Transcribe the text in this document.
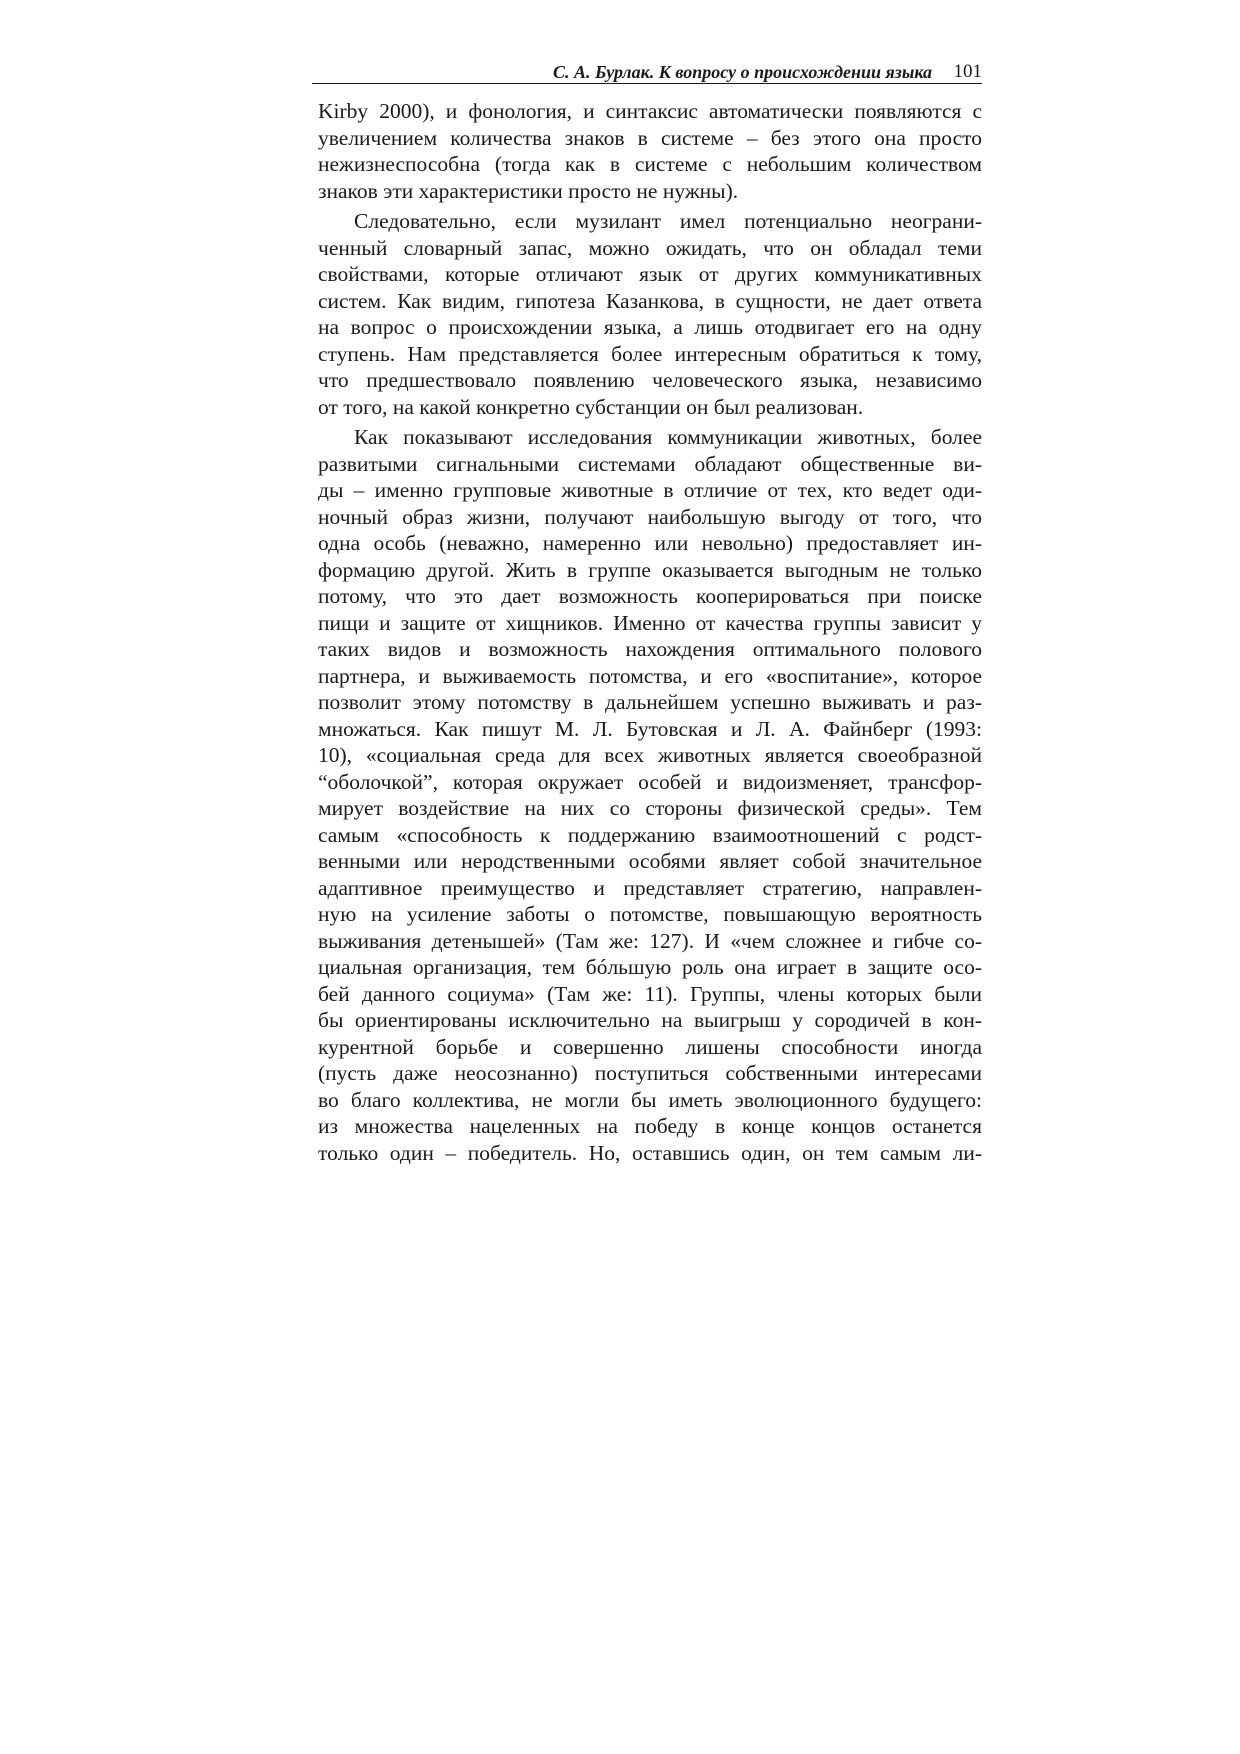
С. А. Бурлак. К вопросу о происхождении языка 101
Kirby 2000), и фонология, и синтаксис автоматически появляются с
увеличением количества знаков в системе – без этого она просто
нежизнеспособна (тогда как в системе с небольшим количеством
знаков эти характеристики просто не нужны).
Следовательно, если музилант имел потенциально неограни-
ченный словарный запас, можно ожидать, что он обладал теми
свойствами, которые отличают язык от других коммуникативных
систем. Как видим, гипотеза Казанкова, в сущности, не дает ответа
на вопрос о происхождении языка, а лишь отодвигает его на одну
ступень. Нам представляется более интересным обратиться к тому,
что предшествовало появлению человеческого языка, независимо
от того, на какой конкретно субстанции он был реализован.
Как показывают исследования коммуникации животных, более
развитыми сигнальными системами обладают общественные ви-
ды – именно групповые животные в отличие от тех, кто ведет оди-
ночный образ жизни, получают наибольшую выгоду от того, что
одна особь (неважно, намеренно или невольно) предоставляет ин-
формацию другой. Жить в группе оказывается выгодным не только
потому, что это дает возможность кооперироваться при поиске
пищи и защите от хищников. Именно от качества группы зависит у
таких видов и возможность нахождения оптимального полового
партнера, и выживаемость потомства, и его «воспитание», которое
позволит этому потомству в дальнейшем успешно выживать и раз-
множаться. Как пишут М. Л. Бутовская и Л. А. Файнберг (1993:
10), «социальная среда для всех животных является своеобразной
“оболочкой”, которая окружает особей и видоизменяет, трансфор-
мирует воздействие на них со стороны физической среды». Тем
самым «способность к поддержанию взаимоотношений с родст-
венными или неродственными особями являет собой значительное
адаптивное преимущество и представляет стратегию, направлен-
ную на усиление заботы о потомстве, повышающую вероятность
выживания детенышей» (Там же: 127). И «чем сложнее и гибче со-
циальная организация, тем бóльшую роль она играет в защите осо-
бей данного социума» (Там же: 11). Группы, члены которых были
бы ориентированы исключительно на выигрыш у сородичей в кон-
курентной борьбе и совершенно лишены способности иногда
(пусть даже неосознанно) поступиться собственными интересами
во благо коллектива, не могли бы иметь эволюционного будущего:
из множества нацеленных на победу в конце концов останется
только один – победитель. Но, оставшись один, он тем самым ли-
